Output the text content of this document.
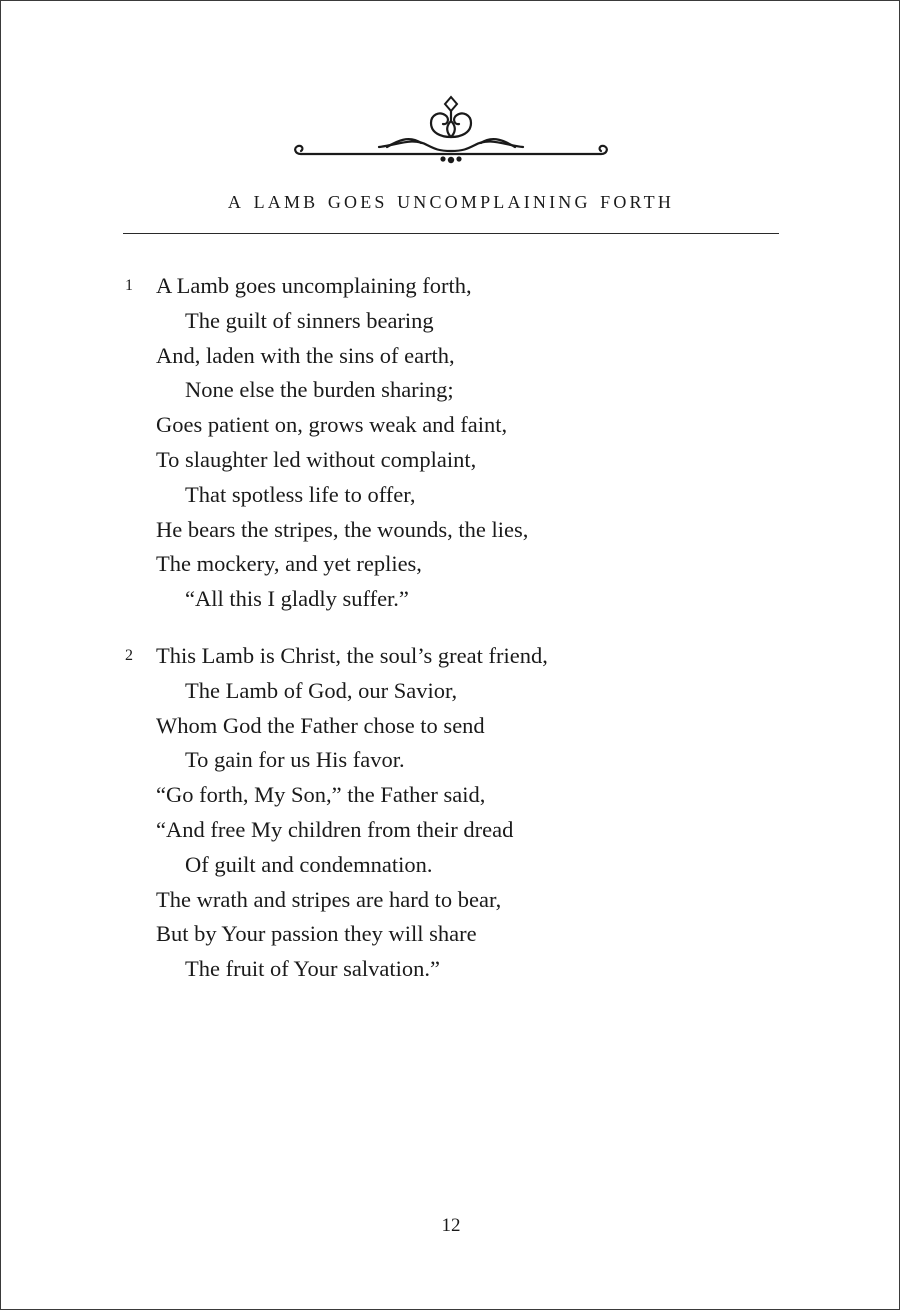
a lamb goes uncomplaining forth
1	A Lamb goes uncomplaining forth,
The guilt of sinners bearing
And, laden with the sins of earth,
None else the burden sharing;
Goes patient on, grows weak and faint,
To slaughter led without complaint,
That spotless life to offer,
He bears the stripes, the wounds, the lies,
The mockery, and yet replies,
“All this I gladly suffer.”
2	This Lamb is Christ, the soul’s great friend,
The Lamb of God, our Savior,
Whom God the Father chose to send
To gain for us His favor.
“Go forth, My Son,” the Father said,
“And free My children from their dread
Of guilt and condemnation.
The wrath and stripes are hard to bear,
But by Your passion they will share
The fruit of Your salvation.”
12
